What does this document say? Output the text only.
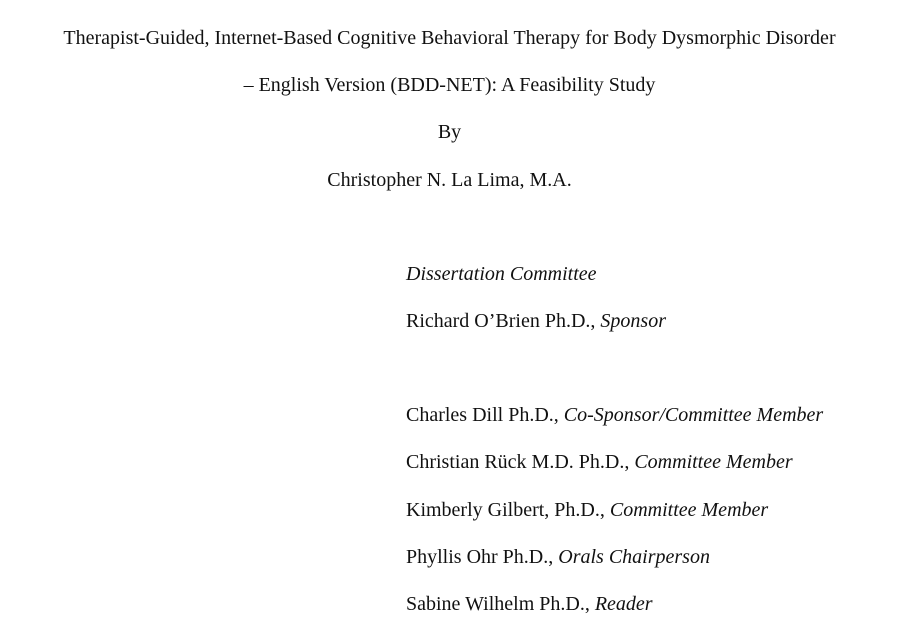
Therapist-Guided, Internet-Based Cognitive Behavioral Therapy for Body Dysmorphic Disorder
– English Version (BDD-NET): A Feasibility Study
By
Christopher N. La Lima, M.A.
Dissertation Committee
Richard O’Brien Ph.D., Sponsor
Charles Dill Ph.D., Co-Sponsor/Committee Member
Christian Rück M.D. Ph.D., Committee Member
Kimberly Gilbert, Ph.D., Committee Member
Phyllis Ohr Ph.D., Orals Chairperson
Sabine Wilhelm Ph.D., Reader
